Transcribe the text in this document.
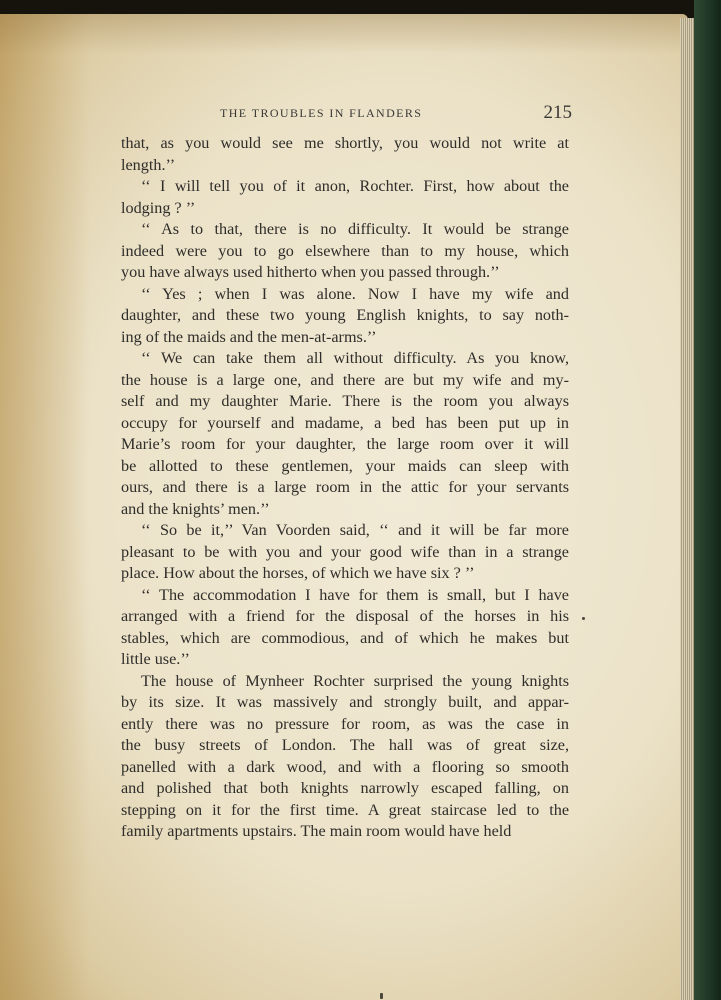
THE TROUBLES IN FLANDERS	215
that, as you would see me shortly, you would not write at
length.’’
‘‘ I will tell you of it anon, Rochter. First, how about the
lodging ? ’’
‘‘ As to that, there is no difficulty. It would be strange
indeed were you to go elsewhere than to my house, which
you have always used hitherto when you passed through.’’
‘‘ Yes ; when I was alone. Now I have my wife and
daughter, and these two young English knights, to say noth-
ing of the maids and the men-at-arms.’’
‘‘ We can take them all without difficulty. As you know,
the house is a large one, and there are but my wife and my-
self and my daughter Marie. There is the room you always
occupy for yourself and madame, a bed has been put up in
Marie’s room for your daughter, the large room over it will
be allotted to these gentlemen, your maids can sleep with
ours, and there is a large room in the attic for your servants
and the knights’ men.’’
‘‘ So be it,’’ Van Voorden said, ‘‘ and it will be far more
pleasant to be with you and your good wife than in a strange
place. How about the horses, of which we have six ? ’’
‘‘ The accommodation I have for them is small, but I have
arranged with a friend for the disposal of the horses in his
stables, which are commodious, and of which he makes but
little use.’’
The house of Mynheer Rochter surprised the young knights
by its size. It was massively and strongly built, and appar-
ently there was no pressure for room, as was the case in
the busy streets of London. The hall was of great size,
panelled with a dark wood, and with a flooring so smooth
and polished that both knights narrowly escaped falling, on
stepping on it for the first time. A great staircase led to the
family apartments upstairs. The main room would have held
